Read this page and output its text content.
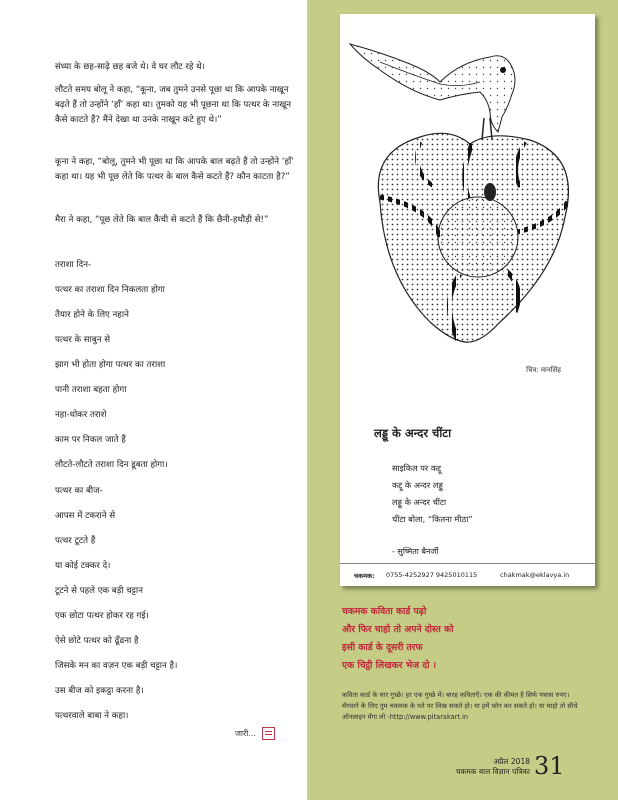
संध्या के छह-साढ़े छह बजे थे। वे घर लौट रहे थे।
लौटते समय बोलू ने कहा, “कूना, जब तुमने उनसे पूछा था कि आपके नाखून बढ़ते हैं तो उन्होंने ‘हाँ’ कहा था। तुमको यह भी पूछना था कि पत्थर के नाखून कैसे काटते हैं? मैंने देखा था उनके नाखून कटे हुए थे।”
कूना ने कहा, “बोलू, तुमने भी पूछा था कि आपके बाल बढ़ते हैं तो उन्होंने ‘हाँ’ कहा था। यह भी पूछ लेते कि पत्थर के बाल कैसे कटते हैं? कौन काटता है?”
मैरा ने कहा, “पूछ लेते कि बाल कैंची से कटते हैं कि छैनी-हथौड़ी से!”
तराशा दिन-
पत्थर का तराशा दिन निकलता होगा
तैयार होने के लिए नहाने
पत्थर के साबुन से
झाग भी होता होगा पत्थर का तराशा
पानी तराशा बहता होगा
नहा-धोकर तराशे
काम पर निकल जाते हैं
लौटते-लौटते तराशा दिन डूबता होगा।
पत्थर का बीज-
आपस में टकराने से
पत्थर टूटते हैं
या कोई टक्कर दे।
टूटने से पहले एक बड़ी चट्टान
एक छोटा पत्थर होकर रह गई।
ऐसे छोटे पत्थर को ढूँढना है
जिसके मन का वज़न एक बड़ी चट्टान है।
उस बीज को इकट्ठा करना है।
पत्थरवाले बाबा ने कहा।
जारी...
चित्र: मानसिंह
लड्डू के अन्दर चींटा
साइकिल पर कद्दू
कद्दू के अन्दर लड्डू
लड्डू के अन्दर चींटा
चींटा बोला, “कितना मीठा”
- सुष्मिता बैनर्जी
चकमक: 0755-4252927 9425010115	chakmak@eklavya.in
चकमक कविता कार्ड पढ़ो
और फिर चाहो तो अपने दोस्त को
इसी कार्ड के दूसरी तरफ
एक चिट्ठी लिखकर भेज दो ।
कविता कार्ड के चार गुच्छे। हर एक गुच्छे में। बारह कविताएँ। एक की कीमत है सिर्फ पचास रुपए। मँगवाने के लिए तुम चकमक के पते पर लिख सकते हो। या हमें फोन कर सकते हो। या चाहो तो सीधे ऑनलाइन मँगा लो -http://www.pitarakart.in
अप्रैल 2018
चकमक बाल विज्ञान पत्रिका 31
